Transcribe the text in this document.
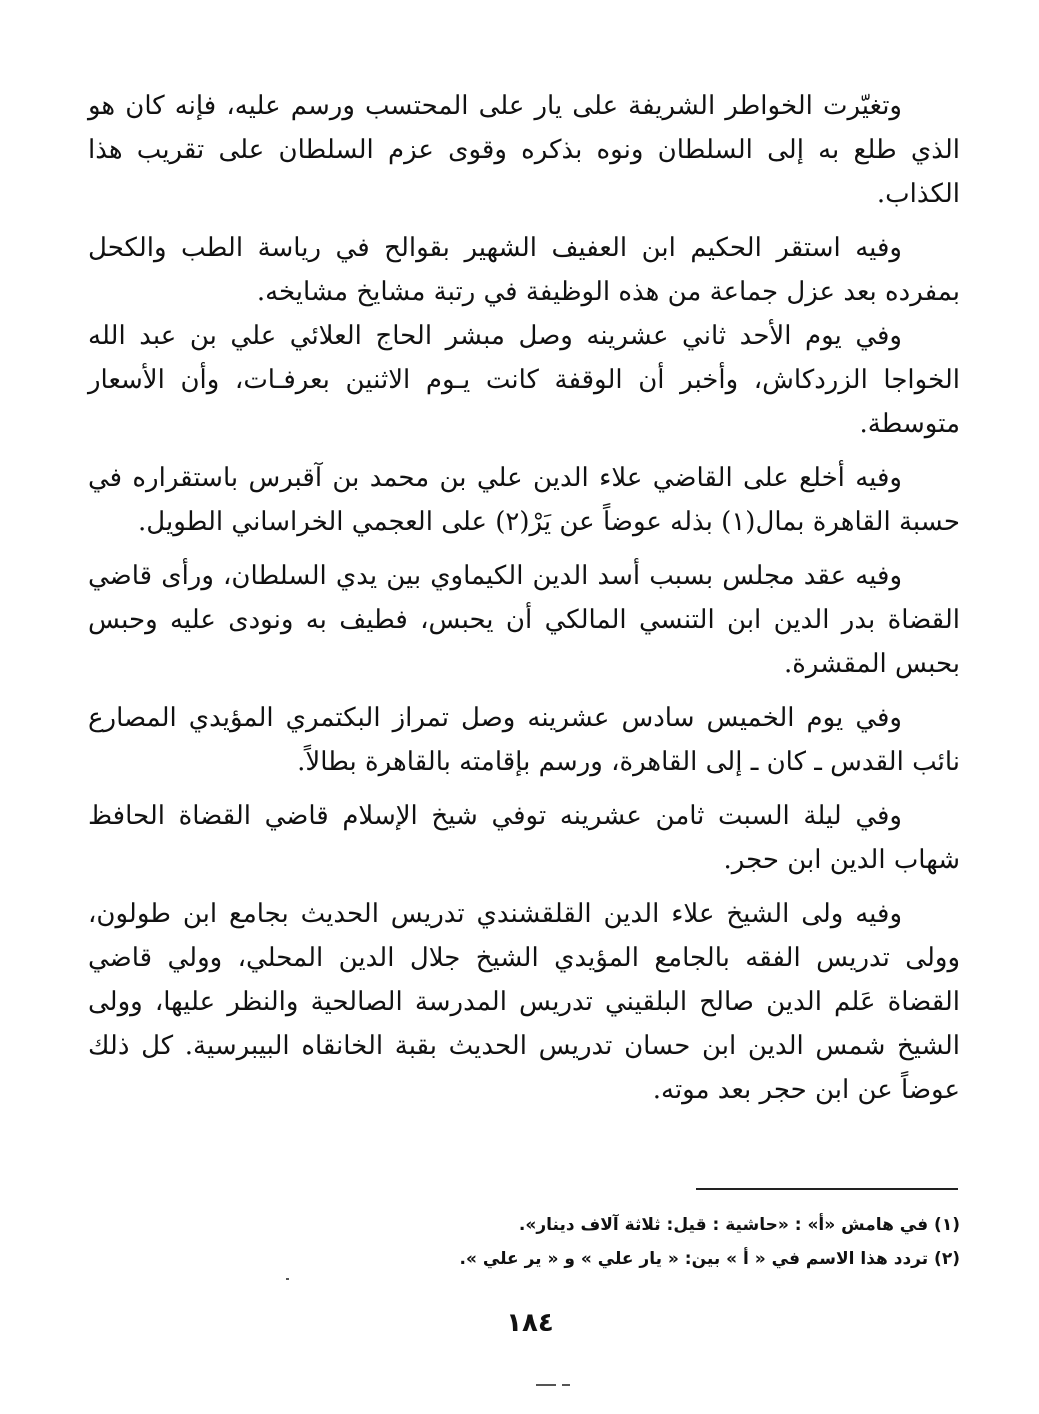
وتغيّرت الخواطر الشريفة على يار على المحتسب ورسم عليه، فإنه كان هو الذي طلع به إلى السلطان ونوه بذكره وقوى عزم السلطان على تقريب هذا الكذاب.

وفيه استقر الحكيم ابن العفيف الشهير بقوالح في رياسة الطب والكحل بمفرده بعد عزل جماعة من هذه الوظيفة في رتبة مشايخ مشايخه.

وفي يوم الأحد ثاني عشرينه وصل مبشر الحاج العلائي علي بن عبد الله الخواجا الزردكاش، وأخبر أن الوقفة كانت يـوم الاثنين بعرفـات، وأن الأسعار متوسطة.

وفيه أخلع على القاضي علاء الدين علي بن محمد بن آقبرس باستقراره في حسبة القاهرة بمال(١) بذله عوضاً عن يَرْ(٢) على العجمي الخراساني الطويل.

وفيه عقد مجلس بسبب أسد الدين الكيماوي بين يدي السلطان، ورأى قاضي القضاة بدر الدين ابن التنسي المالكي أن يحبس، فطيف به ونودى عليه وحبس بحبس المقشرة.

وفي يوم الخميس سادس عشرينه وصل تمراز البكتمري المؤيدي المصارع نائب القدس ـ كان ـ إلى القاهرة، ورسم بإقامته بالقاهرة بطالاً.

وفي ليلة السبت ثامن عشرينه توفي شيخ الإسلام قاضي القضاة الحافظ شهاب الدين ابن حجر.

وفيه ولى الشيخ علاء الدين القلقشندي تدريس الحديث بجامع ابن طولون، وولى تدريس الفقه بالجامع المؤيدي الشيخ جلال الدين المحلي، وولي قاضي القضاة عَلم الدين صالح البلقيني تدريس المدرسة الصالحية والنظر عليها، وولى الشيخ شمس الدين ابن حسان تدريس الحديث بقبة الخانقاه البيبرسية. كل ذلك عوضاً عن ابن حجر بعد موته.

(١) في هامش «أ» : «حاشية : قيل: ثلاثة آلاف دينار».

(٢) تردد هذا الاسم في « أ » بين: « يار علي » و « ير علي ».

١٨٤
